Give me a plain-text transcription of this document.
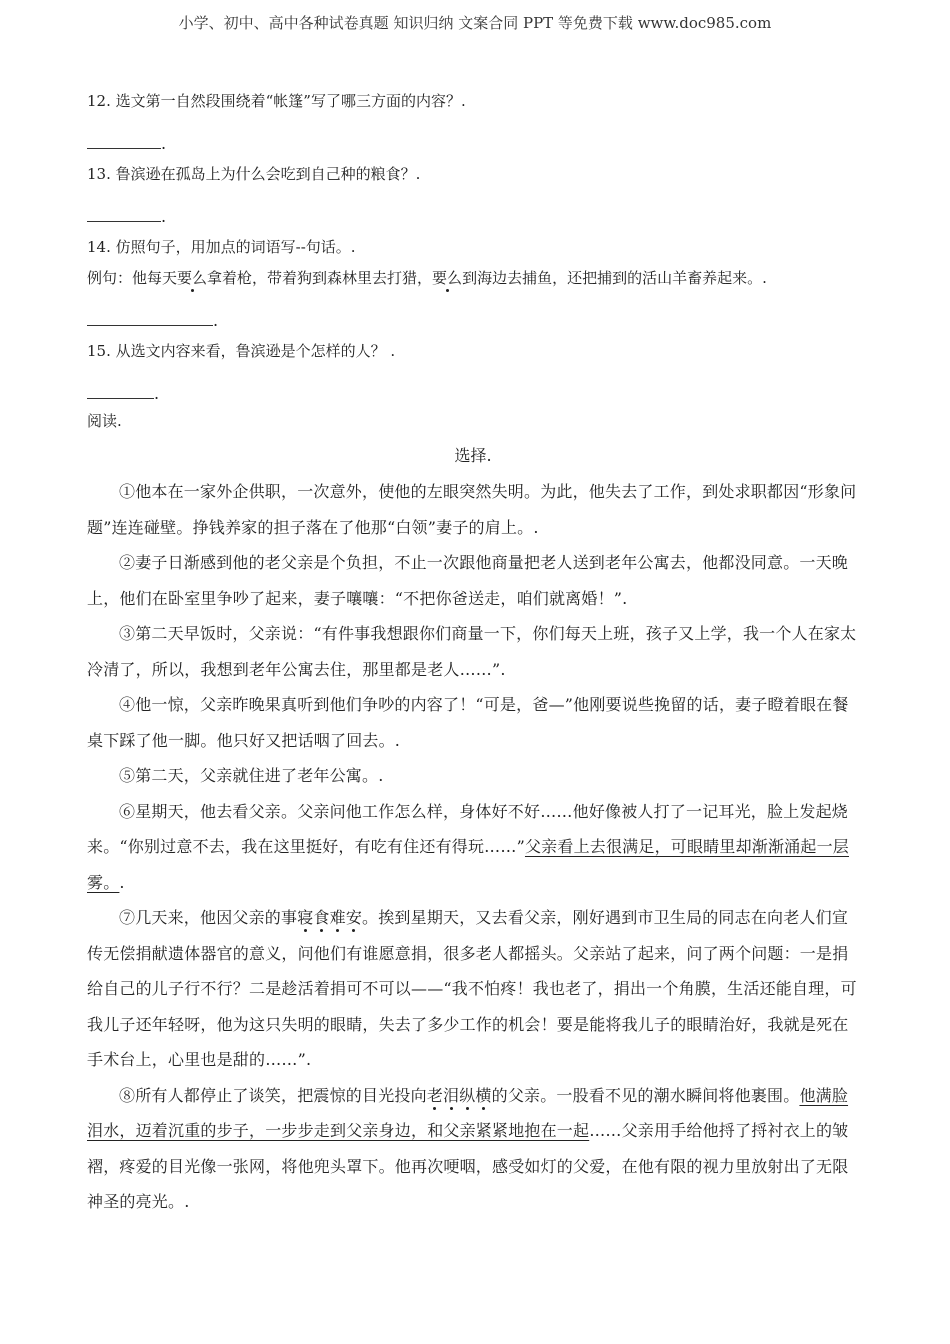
小学、初中、高中各种试卷真题 知识归纳 文案合同 PPT 等免费下载 www.doc985.com

12. 选文第一自然段围绕着“帐篷”写了哪三方面的内容？.

.

13. 鲁滨逊在孤岛上为什么会吃到自己种的粮食？.

.

14. 仿照句子，用加点的词语写--句话。.

例句：他每天要么拿着枪，带着狗到森林里去打猎，要么到海边去捕鱼，还把捕到的活山羊畜养起来。.

.

15. 从选文内容来看，鲁滨逊是个怎样的人？ .

.

阅读.

选择.

①他本在一家外企供职，一次意外，使他的左眼突然失明。为此，他失去了工作，到处求职都因“形象问题”连连碰壁。挣钱养家的担子落在了他那“白领”妻子的肩上。.

②妻子日渐感到他的老父亲是个负担，不止一次跟他商量把老人送到老年公寓去，他都没同意。一天晚上，他们在卧室里争吵了起来，妻子嚷嚷：“不把你爸送走，咱们就离婚！”.

③第二天早饭时，父亲说：“有件事我想跟你们商量一下，你们每天上班，孩子又上学，我一个人在家太冷清了，所以，我想到老年公寓去住，那里都是老人……”.

④他一惊，父亲昨晚果真听到他们争吵的内容了！“可是，爸—”他刚要说些挽留的话，妻子瞪着眼在餐桌下踩了他一脚。他只好又把话咽了回去。.

⑤第二天，父亲就住进了老年公寓。.

⑥星期天，他去看父亲。父亲问他工作怎么样，身体好不好……他好像被人打了一记耳光，脸上发起烧来。“你别过意不去，我在这里挺好，有吃有住还有得玩……”父亲看上去很满足，可眼睛里却渐渐涌起一层雾。.

⑦几天来，他因父亲的事寝食难安。挨到星期天，又去看父亲，刚好遇到市卫生局的同志在向老人们宣传无偿捐献遗体器官的意义，问他们有谁愿意捐，很多老人都摇头。父亲站了起来，问了两个问题：一是捐给自己的儿子行不行？二是趁活着捐可不可以——“我不怕疼！我也老了，捐出一个角膜，生活还能自理，可我儿子还年轻呀，他为这只失明的眼睛，失去了多少工作的机会！要是能将我儿子的眼睛治好，我就是死在手术台上，心里也是甜的……”.

⑧所有人都停止了谈笑，把震惊的目光投向老泪纵横的父亲。一股看不见的潮水瞬间将他裹围。他满脸泪水，迈着沉重的步子，一步步走到父亲身边，和父亲紧紧地抱在一起……父亲用手给他捋了捋衬衣上的皱褶，疼爱的目光像一张网，将他兜头罩下。他再次哽咽，感受如灯的父爱，在他有限的视力里放射出了无限神圣的亮光。.
